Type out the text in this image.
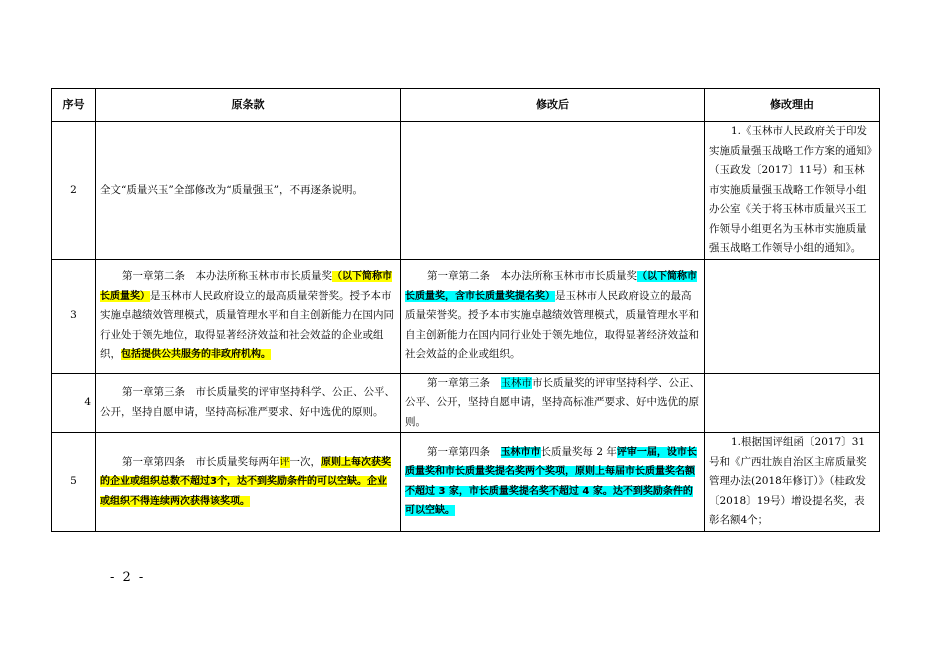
序号	原条款	修改后	修改理由
2	全文“质量兴玉”全部修改为“质量强玉”，不再逐条说明。		1.《玉林市人民政府关于印发实施质量强玉战略工作方案的通知》（玉政发〔2017〕11号）和玉林市实施质量强玉战略工作领导小组办公室《关于将玉林市质量兴玉工作领导小组更名为玉林市实施质量强玉战略工作领导小组的通知》。
3	第一章第二条　本办法所称玉林市市长质量奖（以下简称市长质量奖）是玉林市人民政府设立的最高质量荣誉奖。授予本市实施卓越绩效管理模式，质量管理水平和自主创新能力在国内同行业处于领先地位，取得显著经济效益和社会效益的企业或组织，包括提供公共服务的非政府机构。	第一章第二条　本办法所称玉林市市长质量奖（以下简称市长质量奖，含市长质量奖提名奖）是玉林市人民政府设立的最高质量荣誉奖。授予本市实施卓越绩效管理模式，质量管理水平和自主创新能力在国内同行业处于领先地位，取得显著经济效益和社会效益的企业或组织。	
4	第一章第三条　市长质量奖的评审坚持科学、公正、公平、公开，坚持自愿申请，坚持高标准严要求、好中选优的原则。	第一章第三条　玉林市市长质量奖的评审坚持科学、公正、公平、公开，坚持自愿申请，坚持高标准严要求、好中选优的原则。	
5	第一章第四条　市长质量奖每两年评一次，原则上每次获奖的企业或组织总数不超过3个，达不到奖励条件的可以空缺。企业或组织不得连续两次获得该奖项。	第一章第四条　玉林市市长质量奖每 2 年评审一届，设市长质量奖和市长质量奖提名奖两个奖项，原则上每届市长质量奖名额不超过 3 家，市长质量奖提名奖不超过 4 家。达不到奖励条件的可以空缺。	1.根据国评组函〔2017〕31号和《广西壮族自治区主席质量奖管理办法(2018年修订）》（桂政发〔2018〕19号）增设提名奖，表彰名额4个；
- 2 -
